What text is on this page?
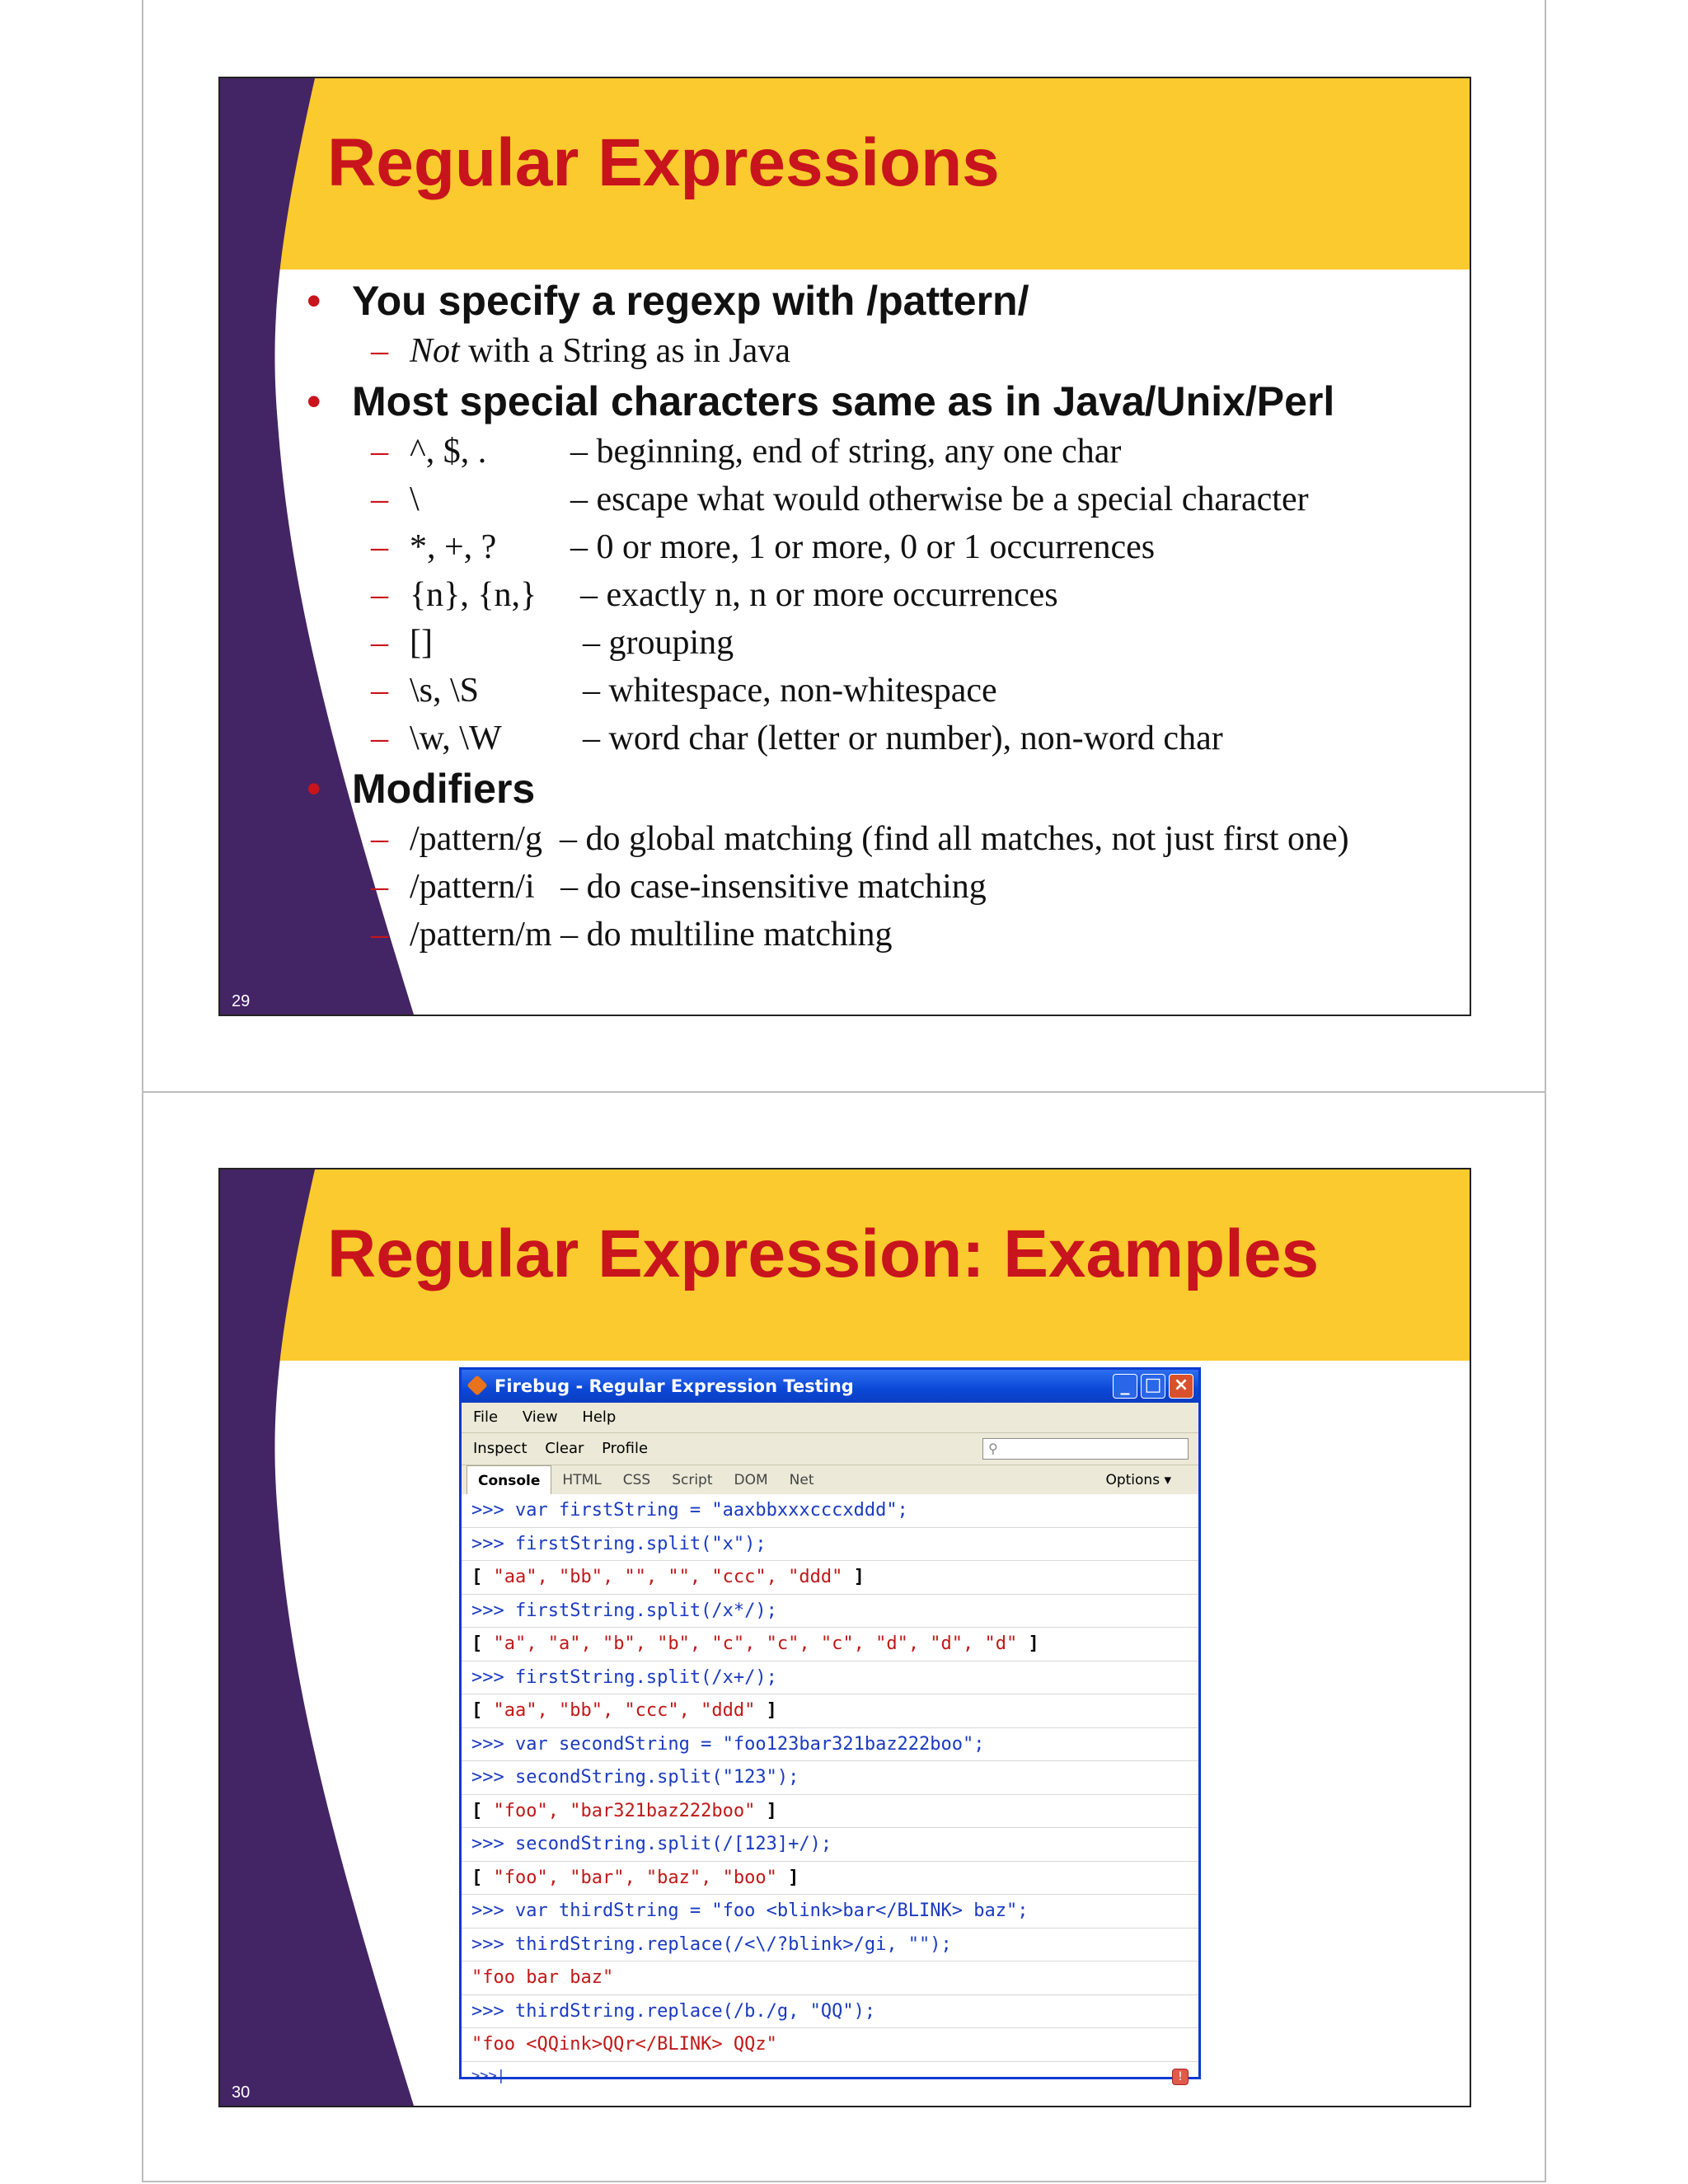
Regular Expressions
• You specify a regexp with /pattern/
– Not with a String as in Java
• Most special characters same as in Java/Unix/Perl
– ^, $, . – beginning, end of string, any one char
– \	– escape what would otherwise be a special character
– *, +, ? – 0 or more, 1 or more, 0 or 1 occurrences
– {n}, {n,} – exactly n, n or more occurrences
– []	– grouping
– \s, \S	– whitespace, non-whitespace
– \w, \W – word char (letter or number), non-word char
• Modifiers
– /pattern/g  – do global matching (find all matches, not just first one)
– /pattern/i   – do case-insensitive matching
– /pattern/m – do multiline matching
29
Regular Expression: Examples
Firebug - Regular Expression Testing	_ □ ×
File View Help
Inspect Clear Profile	⚲
Console	HTML	CSS	Script	DOM	Net	Options ▾
>>> var firstString = "aaxbbxxxcccxddd";
>>> firstString.split("x");
[ "aa", "bb", "", "", "ccc", "ddd" ]
>>> firstString.split(/x*/);
[ "a", "a", "b", "b", "c", "c", "c", "d", "d", "d" ]
>>> firstString.split(/x+/);
[ "aa", "bb", "ccc", "ddd" ]
>>> var secondString = "foo123bar321baz222boo";
>>> secondString.split("123");
[ "foo", "bar321baz222boo" ]
>>> secondString.split(/[123]+/);
[ "foo", "bar", "baz", "boo" ]
>>> var thirdString = "foo <blink>bar</BLINK> baz";
>>> thirdString.replace(/<\/?blink>/gi, "");
"foo bar baz"
>>> thirdString.replace(/b./g, "QQ");
"foo <QQink>QQr</BLINK> QQz"
>>>|	!
30
